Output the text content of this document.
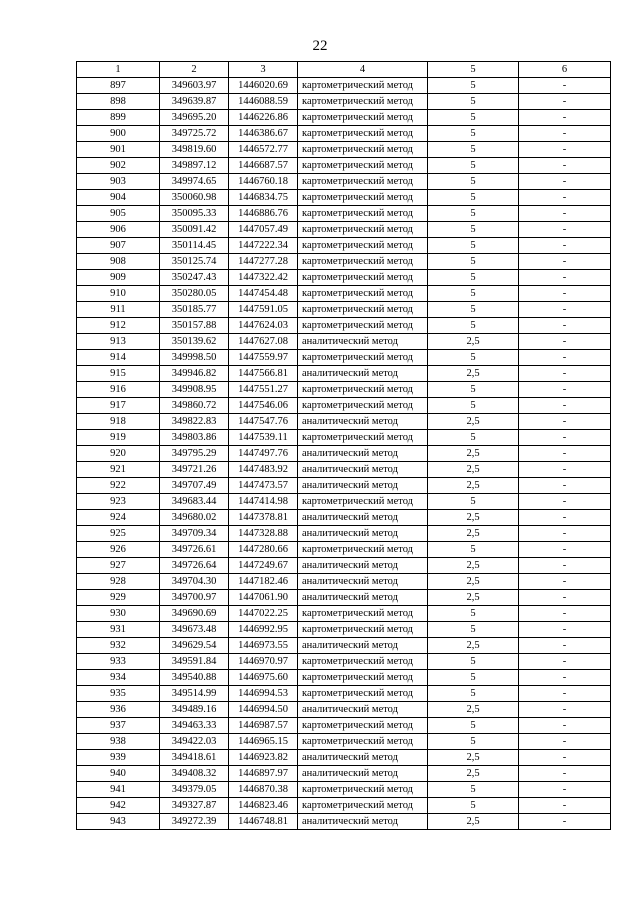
22
1	2	3	4	5	6
897	349603.97	1446020.69	картометрический метод	5	-
898	349639.87	1446088.59	картометрический метод	5	-
899	349695.20	1446226.86	картометрический метод	5	-
900	349725.72	1446386.67	картометрический метод	5	-
901	349819.60	1446572.77	картометрический метод	5	-
902	349897.12	1446687.57	картометрический метод	5	-
903	349974.65	1446760.18	картометрический метод	5	-
904	350060.98	1446834.75	картометрический метод	5	-
905	350095.33	1446886.76	картометрический метод	5	-
906	350091.42	1447057.49	картометрический метод	5	-
907	350114.45	1447222.34	картометрический метод	5	-
908	350125.74	1447277.28	картометрический метод	5	-
909	350247.43	1447322.42	картометрический метод	5	-
910	350280.05	1447454.48	картометрический метод	5	-
911	350185.77	1447591.05	картометрический метод	5	-
912	350157.88	1447624.03	картометрический метод	5	-
913	350139.62	1447627.08	аналитический метод	2,5	-
914	349998.50	1447559.97	картометрический метод	5	-
915	349946.82	1447566.81	аналитический метод	2,5	-
916	349908.95	1447551.27	картометрический метод	5	-
917	349860.72	1447546.06	картометрический метод	5	-
918	349822.83	1447547.76	аналитический метод	2,5	-
919	349803.86	1447539.11	картометрический метод	5	-
920	349795.29	1447497.76	аналитический метод	2,5	-
921	349721.26	1447483.92	аналитический метод	2,5	-
922	349707.49	1447473.57	аналитический метод	2,5	-
923	349683.44	1447414.98	картометрический метод	5	-
924	349680.02	1447378.81	аналитический метод	2,5	-
925	349709.34	1447328.88	аналитический метод	2,5	-
926	349726.61	1447280.66	картометрический метод	5	-
927	349726.64	1447249.67	аналитический метод	2,5	-
928	349704.30	1447182.46	аналитический метод	2,5	-
929	349700.97	1447061.90	аналитический метод	2,5	-
930	349690.69	1447022.25	картометрический метод	5	-
931	349673.48	1446992.95	картометрический метод	5	-
932	349629.54	1446973.55	аналитический метод	2,5	-
933	349591.84	1446970.97	картометрический метод	5	-
934	349540.88	1446975.60	картометрический метод	5	-
935	349514.99	1446994.53	картометрический метод	5	-
936	349489.16	1446994.50	аналитический метод	2,5	-
937	349463.33	1446987.57	картометрический метод	5	-
938	349422.03	1446965.15	картометрический метод	5	-
939	349418.61	1446923.82	аналитический метод	2,5	-
940	349408.32	1446897.97	аналитический метод	2,5	-
941	349379.05	1446870.38	картометрический метод	5	-
942	349327.87	1446823.46	картометрический метод	5	-
943	349272.39	1446748.81	аналитический метод	2,5	-
